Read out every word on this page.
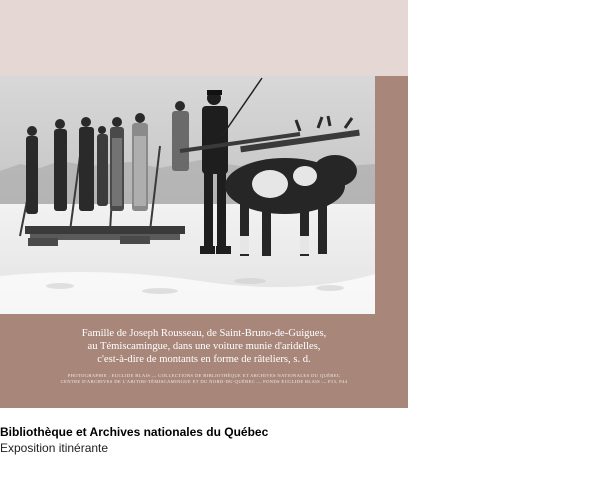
Famille de Joseph Rousseau, de Saint-Bruno-de-Guigues,
au Témiscamingue, dans une voiture munie d'aridelles,
c'est-à-dire de montants en forme de râteliers, s. d.
PHOTOGRAPHIE : EUCLIDE BLAIS — COLLECTIONS DE BIBLIOTHÈQUE ET ARCHIVES NATIONALES DU QUÉBEC
CENTRE D'ARCHIVES DE L'ABITIBI-TÉMISCAMINGUE ET DU NORD-DU-QUÉBEC — FONDS EUCLIDE BLAIS — P13, P44
Bibliothèque et Archives nationales du Québec
Exposition itinérante
